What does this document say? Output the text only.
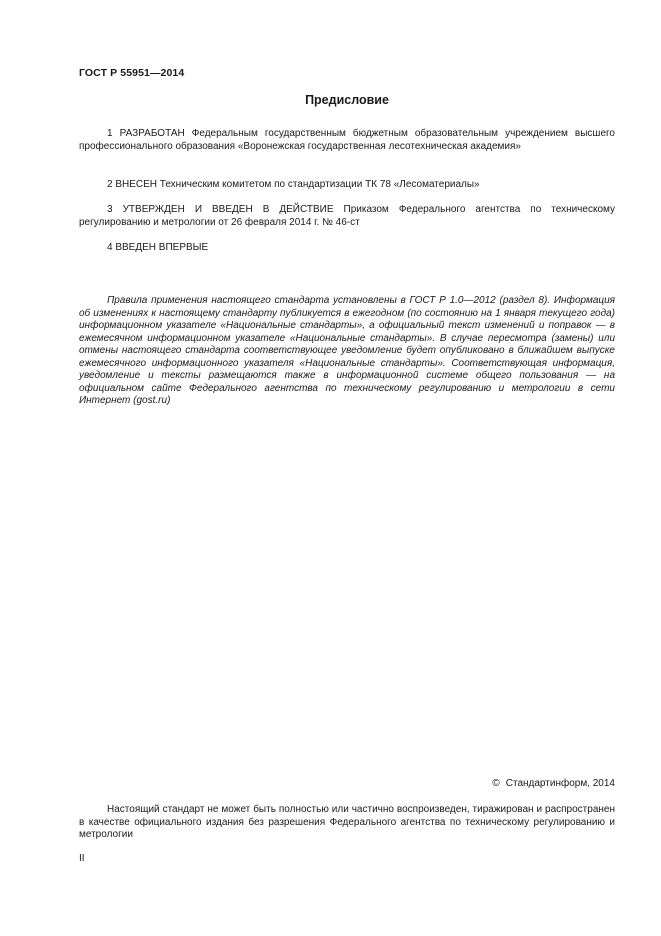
ГОСТ Р 55951—2014
Предисловие

1 РАЗРАБОТАН Федеральным государственным бюджетным образовательным учреждением высшего профессионального образования «Воронежская государственная лесотехническая академия»

2 ВНЕСЕН Техническим комитетом по стандартизации ТК 78 «Лесоматериалы»

3 УТВЕРЖДЕН И ВВЕДЕН В ДЕЙСТВИЕ Приказом Федерального агентства по техническому регулированию и метрологии от 26 февраля 2014 г. № 46-ст

4 ВВЕДЕН ВПЕРВЫЕ

Правила применения настоящего стандарта установлены в ГОСТ Р 1.0—2012 (раздел 8). Информация об изменениях к настоящему стандарту публикуется в ежегодном (по состоянию на 1 января текущего года) информационном указателе «Национальные стандарты», а официальный текст изменений и поправок — в ежемесячном информационном указателе «Национальные стандарты». В случае пересмотра (замены) или отмены настоящего стандарта соответствующее уведомление будет опубликовано в ближайшем выпуске ежемесячного информационного указателя «Национальные стандарты». Соответствующая информация, уведомление и тексты размещаются также в информационной системе общего пользования — на официальном сайте Федерального агентства по техническому регулированию и метрологии в сети Интернет (gost.ru)

© Стандартинформ, 2014

Настоящий стандарт не может быть полностью или частично воспроизведен, тиражирован и распространен в качестве официального издания без разрешения Федерального агентства по техническому регулированию и метрологии

II
